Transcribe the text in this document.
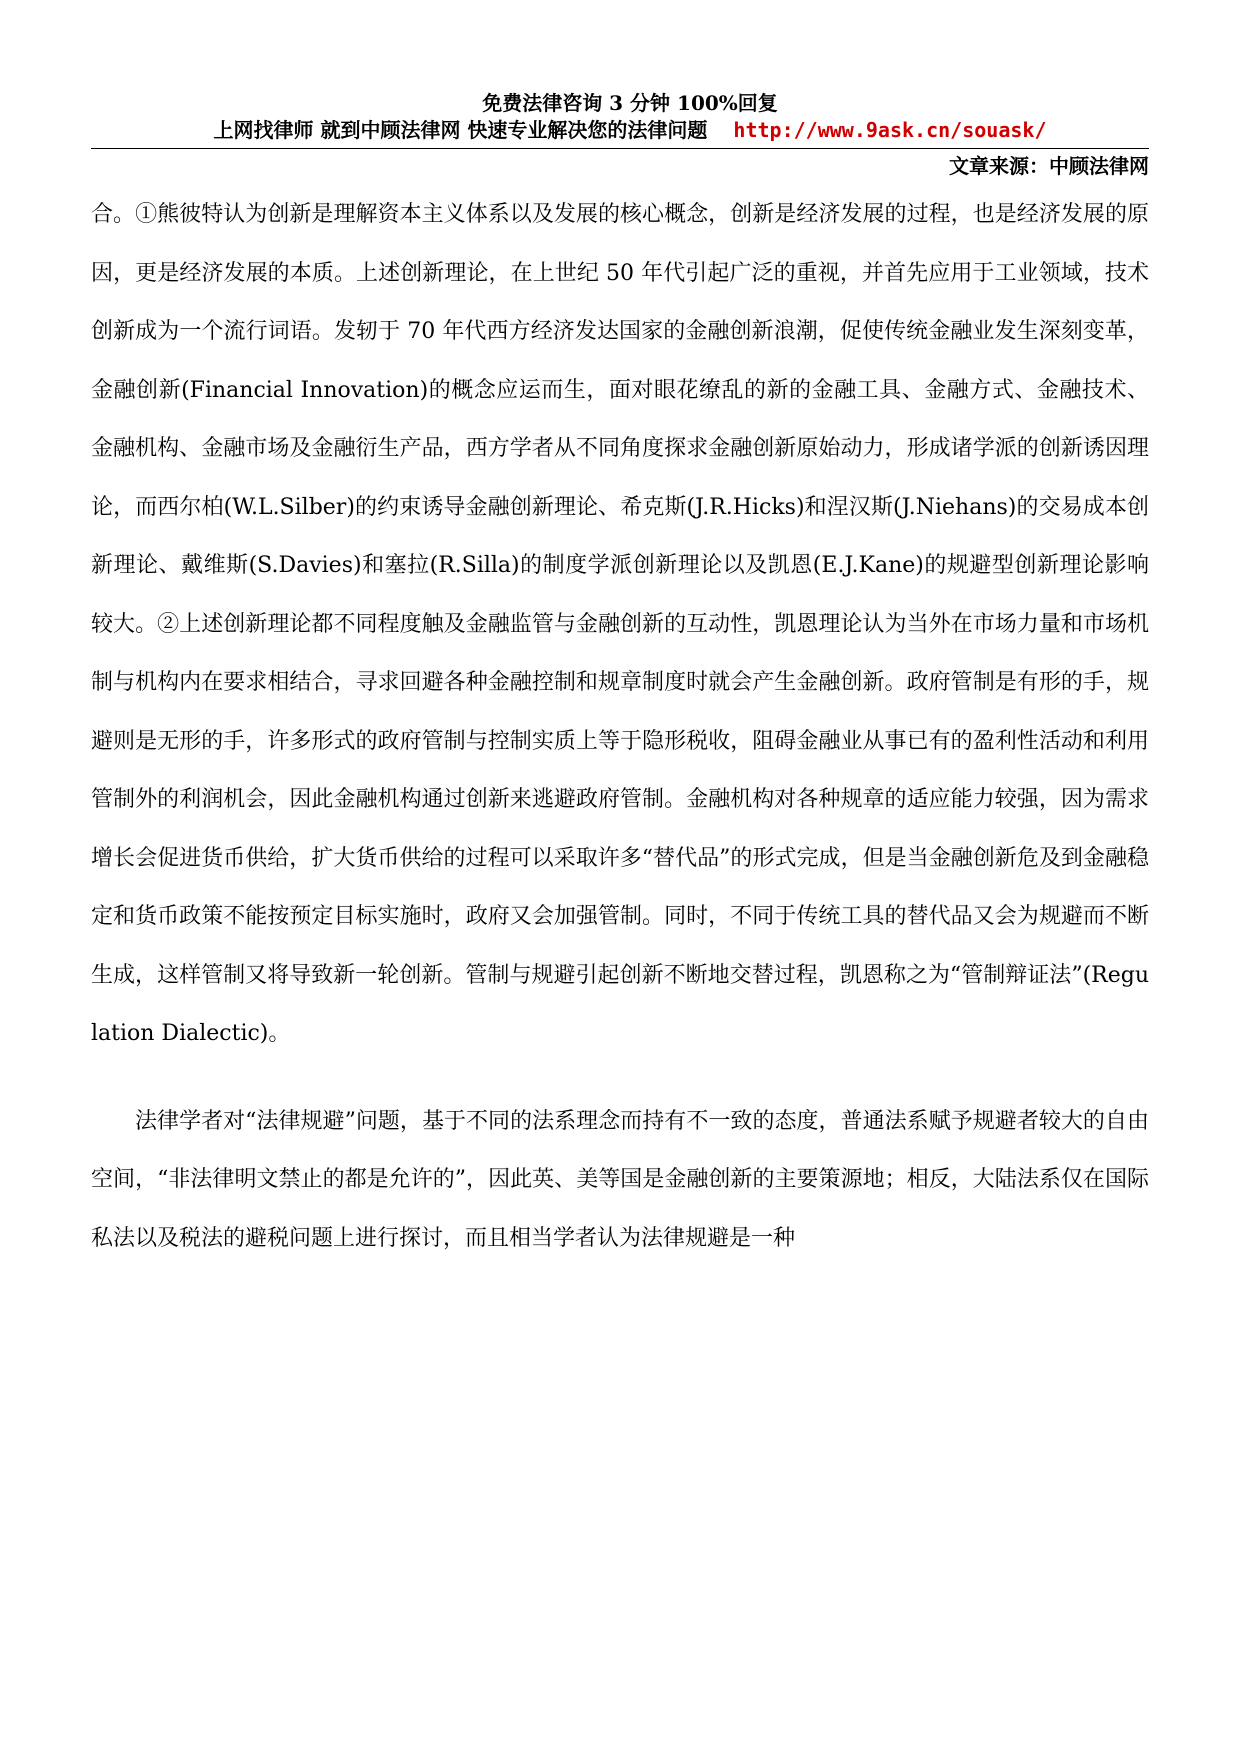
免费法律咨询 3 分钟 100%回复
上网找律师 就到中顾法律网 快速专业解决您的法律问题 http://www.9ask.cn/souask/
文章来源：中顾法律网

合。①熊彼特认为创新是理解资本主义体系以及发展的核心概念，创新是经济发展的过程，也是经济发展的原因，更是经济发展的本质。上述创新理论，在上世纪 50 年代引起广泛的重视，并首先应用于工业领域，技术创新成为一个流行词语。发轫于 70 年代西方经济发达国家的金融创新浪潮，促使传统金融业发生深刻变革，金融创新(Financial Innovation)的概念应运而生，面对眼花缭乱的新的金融工具、金融方式、金融技术、金融机构、金融市场及金融衍生产品，西方学者从不同角度探求金融创新原始动力，形成诸学派的创新诱因理论，而西尔柏(W.L.Silber)的约束诱导金融创新理论、希克斯(J.R.Hicks)和涅汉斯(J.Niehans)的交易成本创新理论、戴维斯(S.Davies)和塞拉(R.Silla)的制度学派创新理论以及凯恩(E.J.Kane)的规避型创新理论影响较大。②上述创新理论都不同程度触及金融监管与金融创新的互动性，凯恩理论认为当外在市场力量和市场机制与机构内在要求相结合，寻求回避各种金融控制和规章制度时就会产生金融创新。政府管制是有形的手，规避则是无形的手，许多形式的政府管制与控制实质上等于隐形税收，阻碍金融业从事已有的盈利性活动和利用管制外的利润机会，因此金融机构通过创新来逃避政府管制。金融机构对各种规章的适应能力较强，因为需求增长会促进货币供给，扩大货币供给的过程可以采取许多“替代品”的形式完成，但是当金融创新危及到金融稳定和货币政策不能按预定目标实施时，政府又会加强管制。同时，不同于传统工具的替代品又会为规避而不断生成，这样管制又将导致新一轮创新。管制与规避引起创新不断地交替过程，凯恩称之为“管制辩证法”(Regulation Dialectic)。

法律学者对“法律规避”问题，基于不同的法系理念而持有不一致的态度，普通法系赋予规避者较大的自由空间，“非法律明文禁止的都是允许的”，因此英、美等国是金融创新的主要策源地；相反，大陆法系仅在国际私法以及税法的避税问题上进行探讨，而且相当学者认为法律规避是一种
